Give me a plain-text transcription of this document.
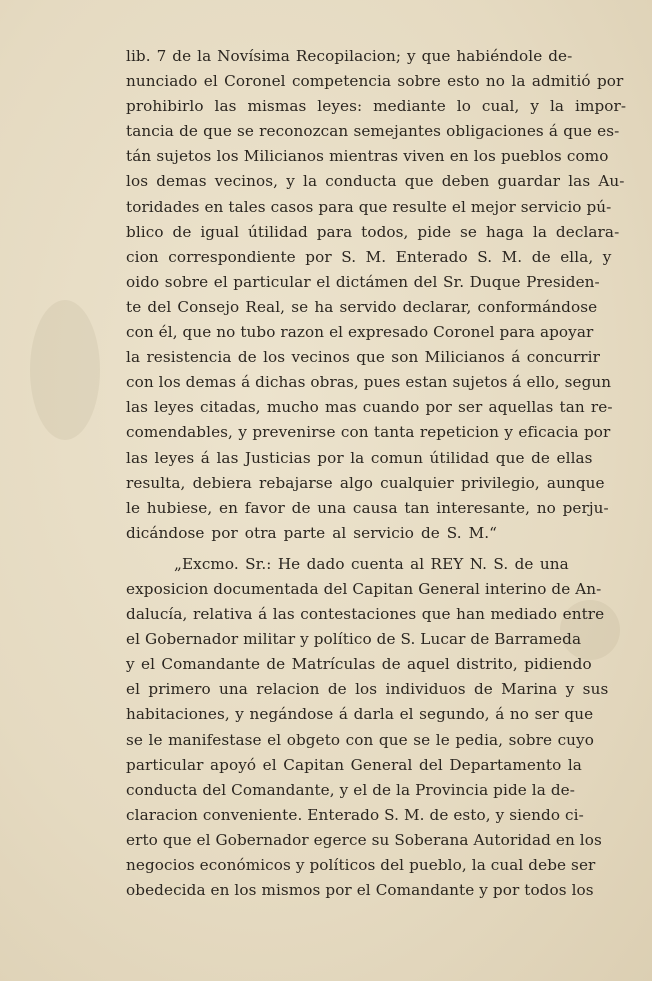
lib. 7 de la Novísima Recopilacion; y que habiéndole de-
nunciado el Coronel competencia sobre esto no la admitió por
prohibirlo las mismas leyes: mediante lo cual, y la impor-
tancia de que se reconozcan semejantes obligaciones á que es-
tán sujetos los Milicianos mientras viven en los pueblos como
los demas vecinos, y la conducta que deben guardar las Au-
toridades en tales casos para que resulte el mejor servicio pú-
blico de igual útilidad para todos, pide se haga la declara-
cion correspondiente por S. M. Enterado S. M. de ella, y
oido sobre el particular el dictámen del Sr. Duque Presiden-
te del Consejo Real, se ha servido declarar, conformándose
con él, que no tubo razon el expresado Coronel para apoyar
la resistencia de los vecinos que son Milicianos á concurrir
con los demas á dichas obras, pues estan sujetos á ello, segun
las leyes citadas, mucho mas cuando por ser aquellas tan re-
comendables, y prevenirse con tanta repeticion y eficacia por
las leyes á las Justicias por la comun útilidad que de ellas
resulta, debiera rebajarse algo cualquier privilegio, aunque
le hubiese, en favor de una causa tan interesante, no perju-
dicándose por otra parte al servicio de S. M.“
„Excmo. Sr.: He dado cuenta al REY N. S. de una
exposicion documentada del Capitan General interino de An-
dalucía, relativa á las contestaciones que han mediado entre
el Gobernador militar y político de S. Lucar de Barrameda
y el Comandante de Matrículas de aquel distrito, pidiendo
el primero una relacion de los individuos de Marina y sus
habitaciones, y negándose á darla el segundo, á no ser que
se le manifestase el obgeto con que se le pedia, sobre cuyo
particular apoyó el Capitan General del Departamento la
conducta del Comandante, y el de la Provincia pide la de-
claracion conveniente. Enterado S. M. de esto, y siendo ci-
erto que el Gobernador egerce su Soberana Autoridad en los
negocios económicos y políticos del pueblo, la cual debe ser
obedecida en los mismos por el Comandante y por todos los
